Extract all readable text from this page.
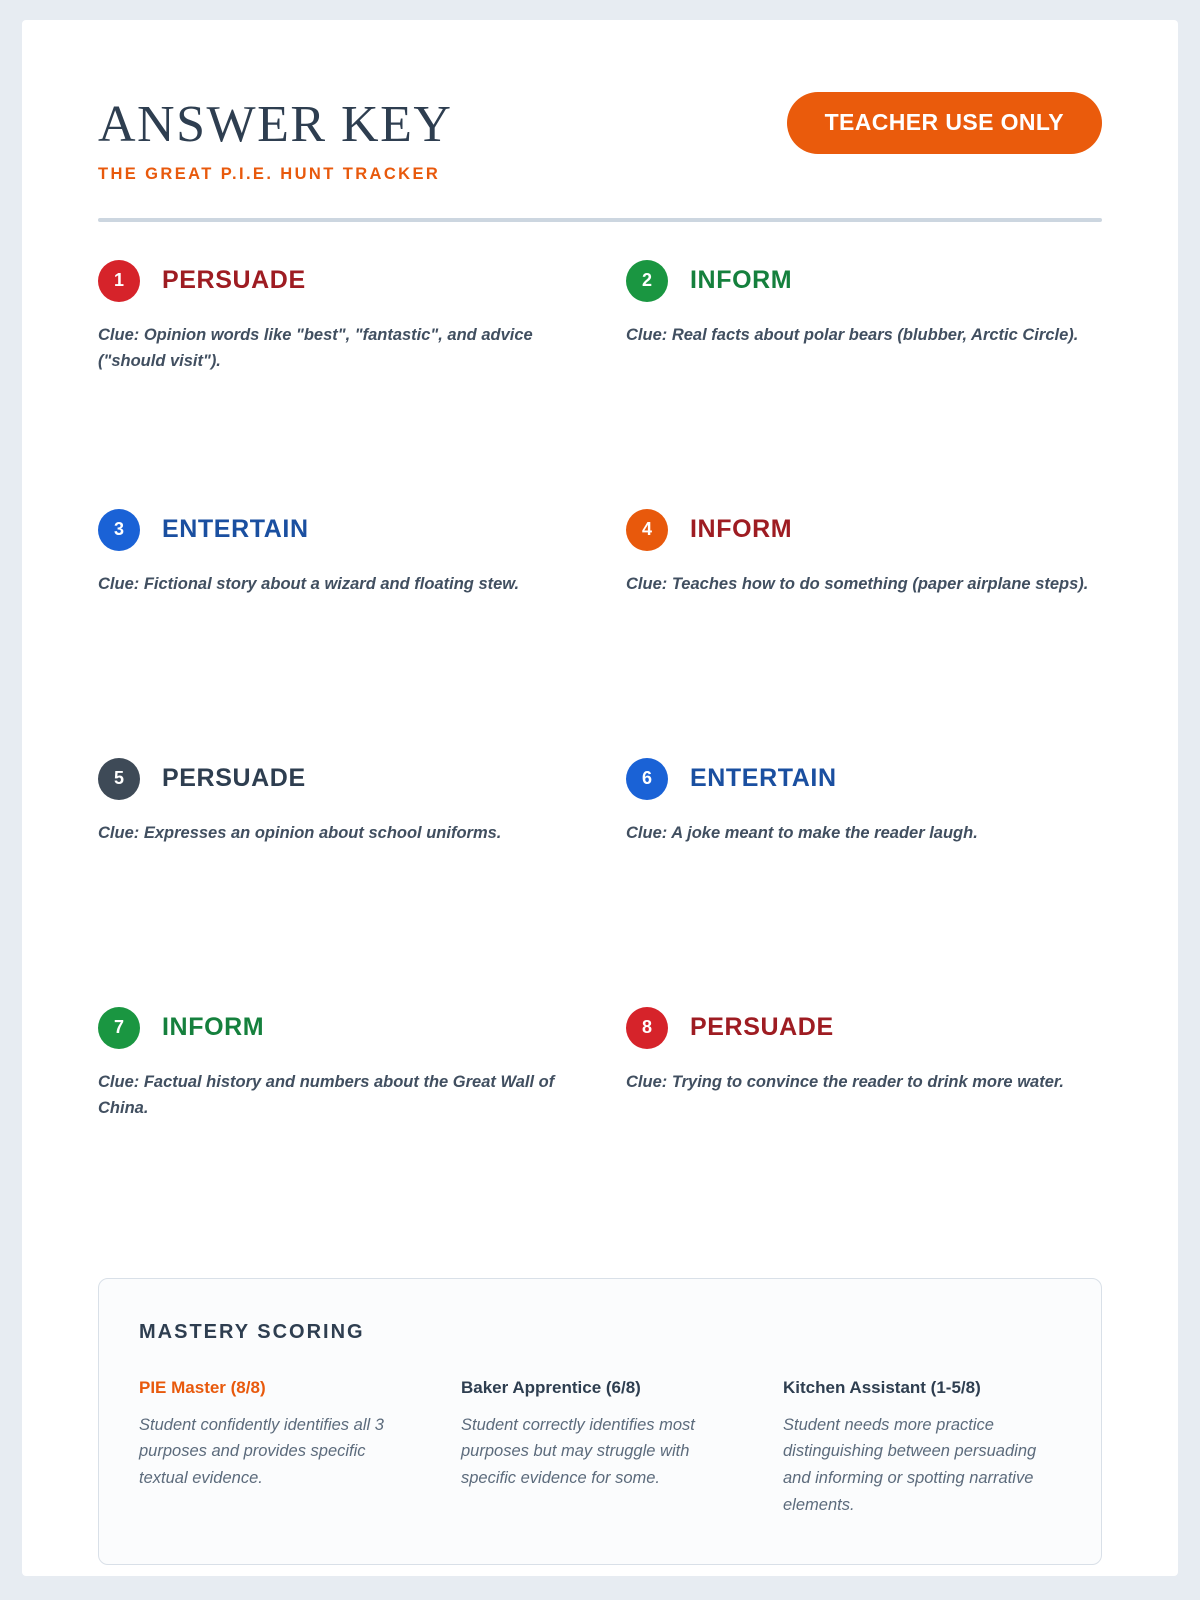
ANSWER KEY
THE GREAT P.I.E. HUNT TRACKER
TEACHER USE ONLY
1	PERSUADE
Clue: Opinion words like "best", "fantastic", and advice ("should visit").
2	INFORM
Clue: Real facts about polar bears (blubber, Arctic Circle).
3	ENTERTAIN
Clue: Fictional story about a wizard and floating stew.
4	INFORM
Clue: Teaches how to do something (paper airplane steps).
5	PERSUADE
Clue: Expresses an opinion about school uniforms.
6	ENTERTAIN
Clue: A joke meant to make the reader laugh.
7	INFORM
Clue: Factual history and numbers about the Great Wall of China.
8	PERSUADE
Clue: Trying to convince the reader to drink more water.
MASTERY SCORING
PIE Master (8/8)
Student confidently identifies all 3 purposes and provides specific textual evidence.
Baker Apprentice (6/8)
Student correctly identifies most purposes but may struggle with specific evidence for some.
Kitchen Assistant (1-5/8)
Student needs more practice distinguishing between persuading and informing or spotting narrative elements.
